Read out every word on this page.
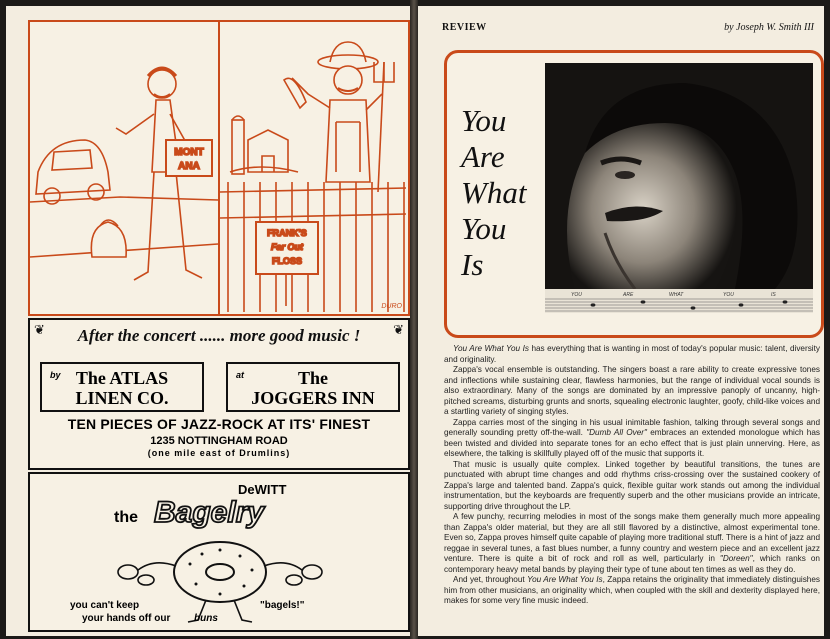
MONT
ANA
FRANK'S
Far Out
FLOSS
DURO
❦	❦
After the concert ...... more good music !
by The ATLAS
LINEN CO.
at	The
JOGGERS INN
TEN PIECES OF JAZZ-ROCK AT ITS' FINEST
1235 NOTTINGHAM ROAD
(one mile east of Drumlins)
DeWITT
the Bagelry
you can't keep	"bagels!"
your hands off our buns
REVIEW	by Joseph W. Smith III
You
Are
What
You
Is
YOU	ARE	WHAT	YOU	IS

You Are What You Is has everything that is wanting in most of today's popular music: talent, diversity and originality.

Zappa's vocal ensemble is outstanding. The singers boast a rare ability to create expressive tones and inflections while sustaining clear, flawless harmonies, but the range of individual vocal sounds is also extraordinary. Many of the songs are dominated by an impressive panoply of uncanny, high-pitched screams, disturbing grunts and snorts, squealing electronic laughter, goofy, child-like voices and a startling variety of singing styles.

Zappa carries most of the singing in his usual inimitable fashion, talking through several songs and generally sounding pretty off-the-wall. "Dumb All Over" embraces an extended monologue which has been twisted and divided into separate tones for an echo effect that is just plain unnerving. Here, as elsewhere, the talking is skillfully played off of the music that supports it.

That music is usually quite complex. Linked together by beautiful transitions, the tunes are punctuated with abrupt time changes and odd rhythms criss-crossing over the sustained cookery of Zappa's large and talented band. Zappa's quick, flexible guitar work stands out among the individual instrumentation, but the keyboards are frequently superb and the other musicians provide an intricate, supporting drive throughout the LP.

A few punchy, recurring melodies in most of the songs make them generally much more appealing than Zappa's older material, but they are all still flavored by a distinctive, almost experimental tone. Even so, Zappa proves himself quite capable of playing more traditional stuff. There is a hint of jazz and reggae in several tunes, a fast blues number, a funny country and western piece and an excellent jazz venture. There is quite a bit of rock and roll as well, particularly in "Doreen", which ranks on contemporary heavy metal bands by playing their type of tune about ten times as well as they do.

And yet, throughout You Are What You Is, Zappa retains the originality that immediately distinguishes him from other musicians, an originality which, when coupled with the skill and dexterity displayed here, makes for some very fine music indeed.
